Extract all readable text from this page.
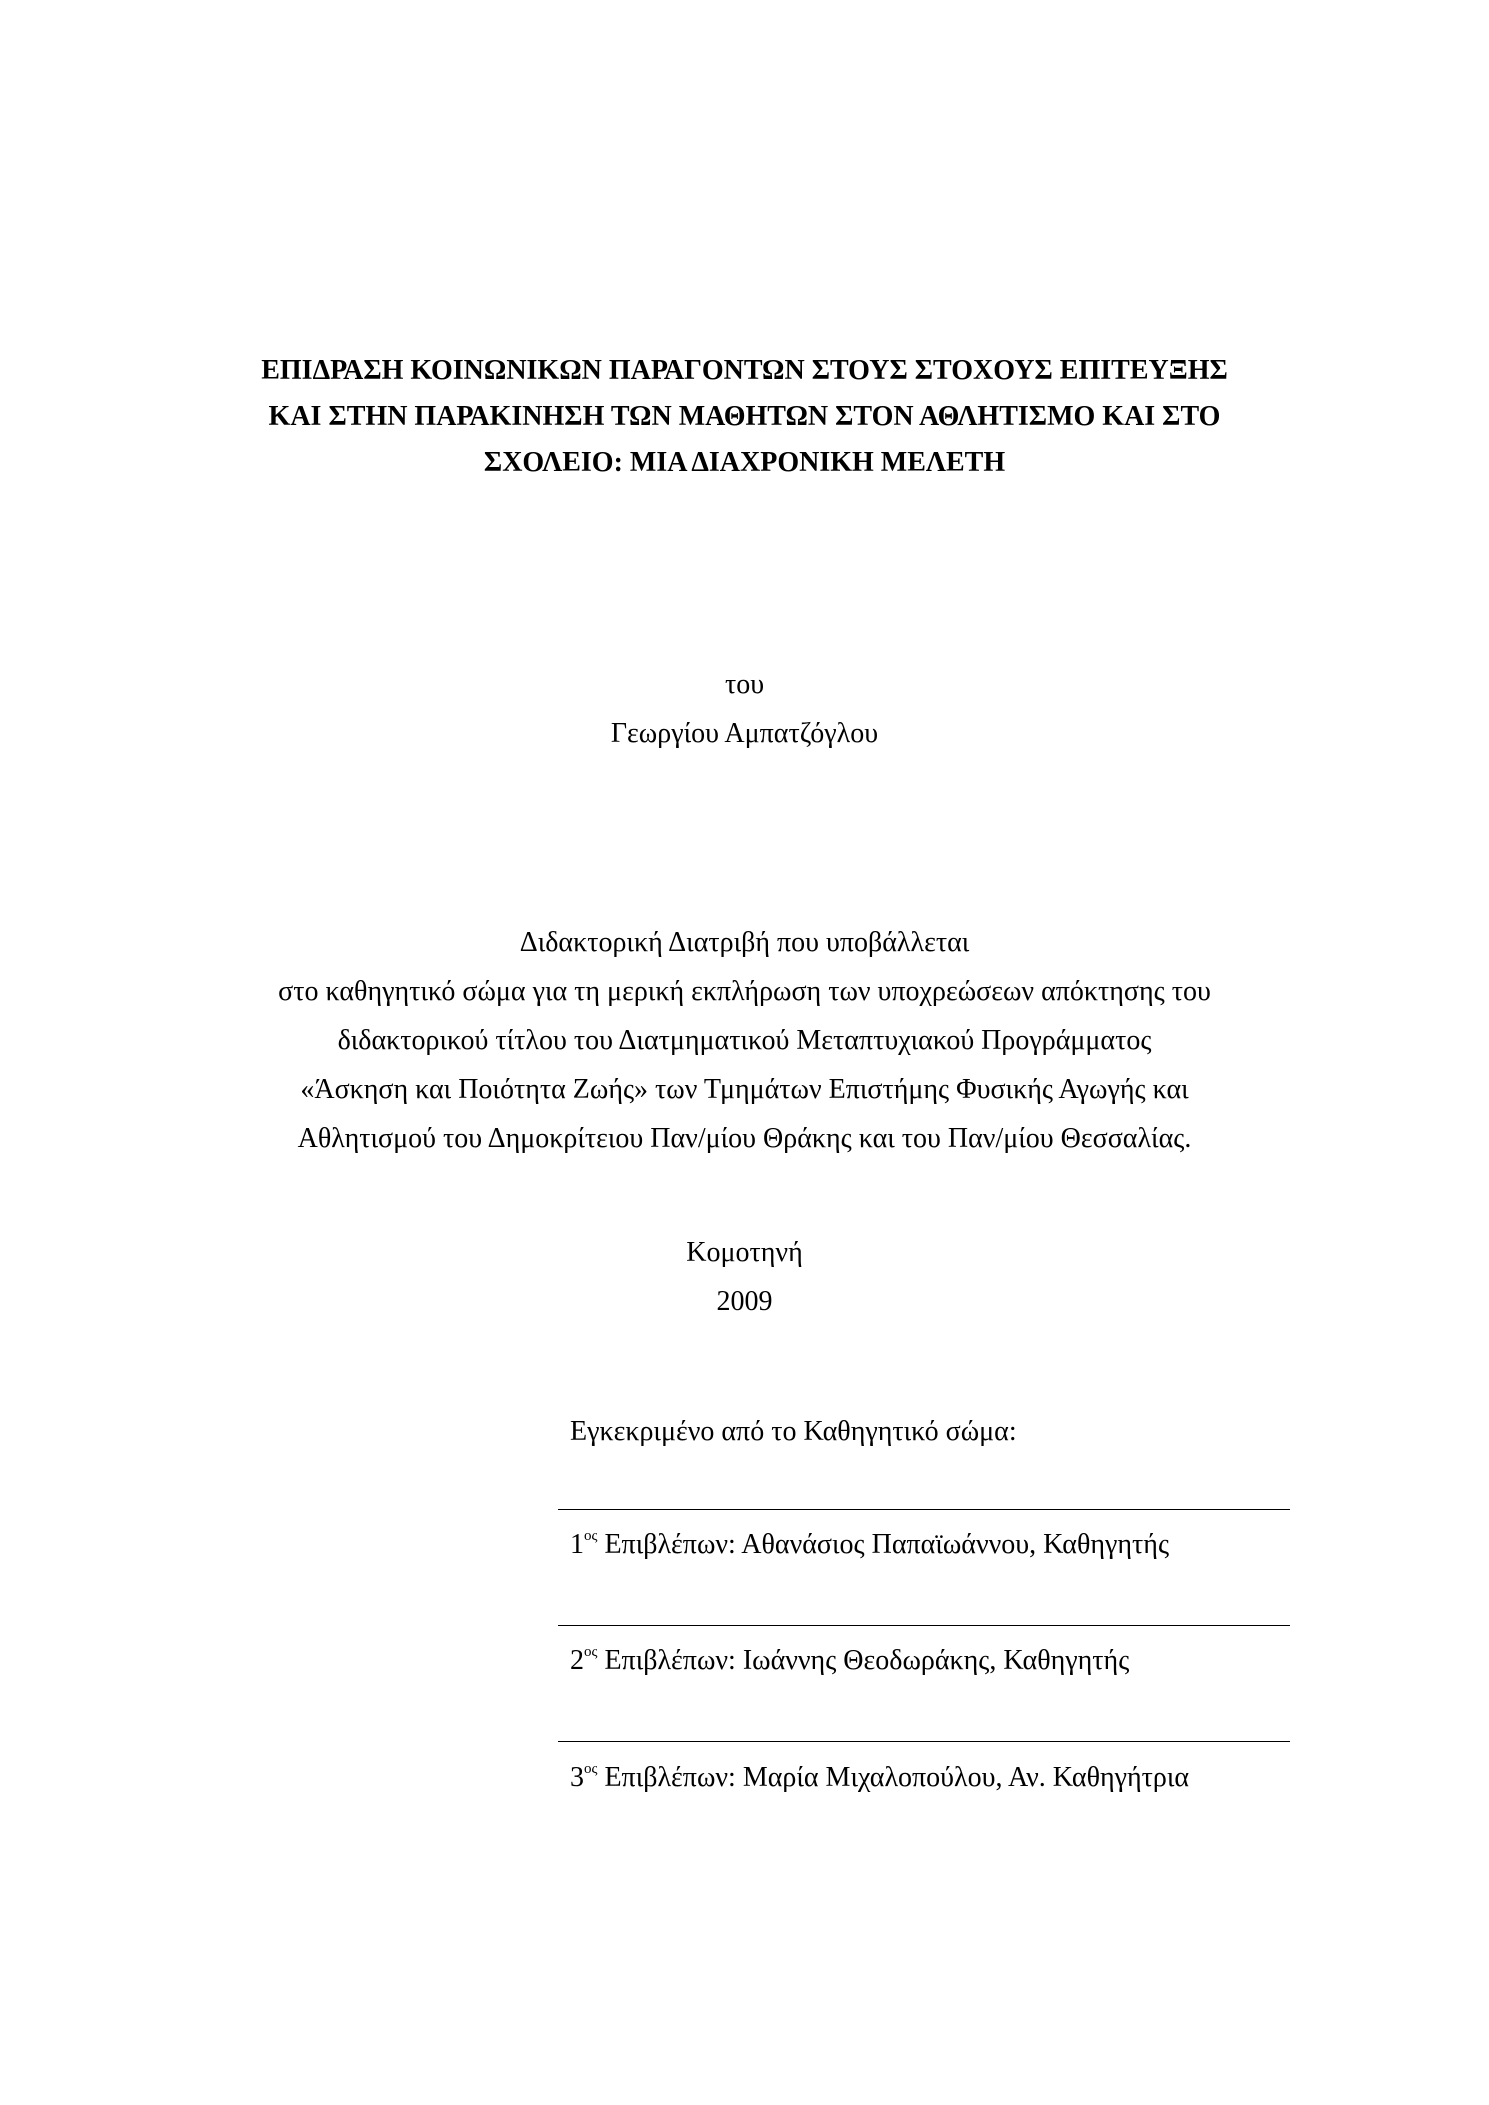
ΕΠΙΔΡΑΣΗ ΚΟΙΝΩΝΙΚΩΝ ΠΑΡΑΓΟΝΤΩΝ ΣΤΟΥΣ ΣΤΟΧΟΥΣ ΕΠΙΤΕΥΞΗΣ
ΚΑΙ ΣΤΗΝ ΠΑΡΑΚΙΝΗΣΗ ΤΩΝ ΜΑΘΗΤΩΝ ΣΤΟΝ ΑΘΛΗΤΙΣΜΟ ΚΑΙ ΣΤΟ
ΣΧΟΛΕΙΟ: ΜΙΑ ΔΙΑΧΡΟΝΙΚΗ ΜΕΛΕΤΗ
του
Γεωργίου Αμπατζόγλου
Διδακτορική Διατριβή που υποβάλλεται
στο καθηγητικό σώμα για τη μερική εκπλήρωση των υποχρεώσεων απόκτησης του
διδακτορικού τίτλου του Διατμηματικού Μεταπτυχιακού Προγράμματος
«Άσκηση και Ποιότητα Ζωής» των Τμημάτων Επιστήμης Φυσικής Αγωγής και
Αθλητισμού του Δημοκρίτειου Παν/μίου Θράκης και του Παν/μίου Θεσσαλίας.
Κομοτηνή
2009
Εγκεκριμένο από το Καθηγητικό σώμα:
$1^{o\varsigma}$ Επιβλέπων: Αθανάσιος Παπαϊωάννου, Καθηγητής
$2^{o\varsigma}$ Επιβλέπων: Ιωάννης Θεοδωράκης, Καθηγητής
$3^{o\varsigma}$ Επιβλέπων: Μαρία Μιχαλοπούλου, Αν. Καθηγήτρια
